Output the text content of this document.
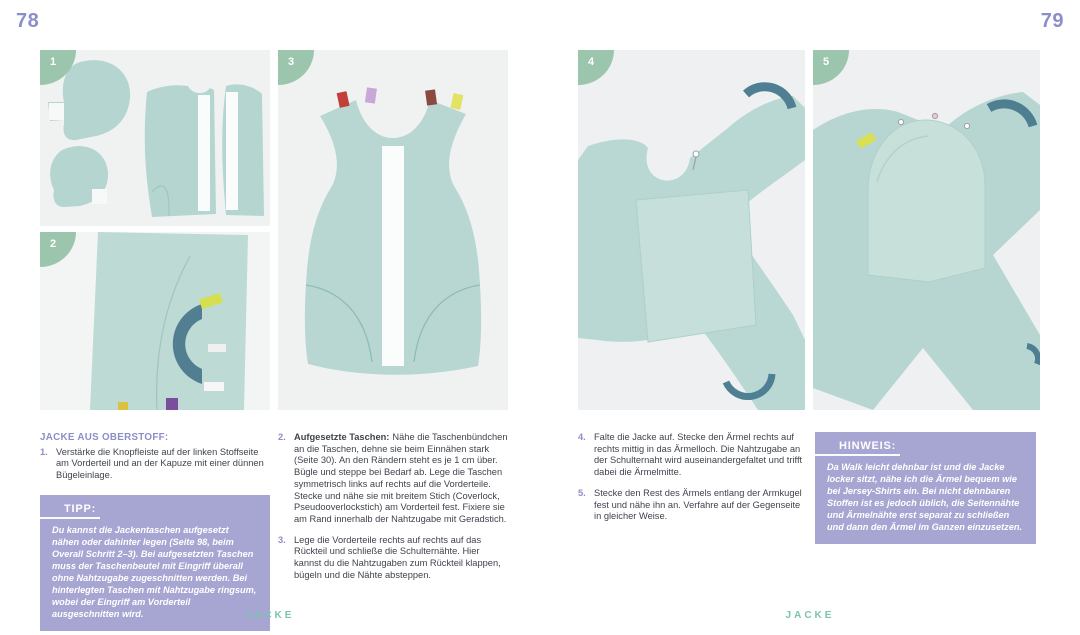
78
1
2
3
JACKE AUS OBERSTOFF:
1. Verstärke die Knopfleiste auf der linken Stoffseite am Vorderteil und an der Kapuze mit einer dünnen Bügeleinlage.
TIPP:
Du kannst die Jackentaschen aufgesetzt nähen oder dahinter legen (Seite 98, beim Overall Schritt 2–3). Bei aufgesetzten Taschen muss der Taschenbeutel mit Eingriff überall ohne Nahtzugabe zugeschnitten werden. Bei hinterlegten Taschen mit Nahtzugabe ringsum, wobei der Eingriff am Vorderteil ausgeschnitten wird.
2. Aufgesetzte Taschen: Nähe die Taschenbündchen an die Taschen, dehne sie beim Einnähen stark (Seite 30). An den Rändern steht es je 1 cm über. Bügle und steppe bei Bedarf ab. Lege die Taschen symmetrisch links auf rechts auf die Vorderteile. Stecke und nähe sie mit breitem Stich (Coverlock, Pseudooverlockstich) am Vorderteil fest. Fixiere sie am Rand innerhalb der Nahtzugabe mit Geradstich.
3. Lege die Vorderteile rechts auf rechts auf das Rückteil und schließe die Schulternähte. Hier kannst du die Nahtzugaben zum Rückteil klappen, bügeln und die Nähte absteppen.
JACKE
79
4	5
4. Falte die Jacke auf. Stecke den Ärmel rechts auf rechts mittig in das Ärmelloch. Die Nahtzugabe an der Schulternaht wird auseinandergefaltet und trifft dabei die Ärmelmitte.
5. Stecke den Rest des Ärmels entlang der Armkugel fest und nähe ihn an. Verfahre auf der Gegenseite in gleicher Weise.
HINWEIS:
Da Walk leicht dehnbar ist und die Jacke locker sitzt, nähe ich die Ärmel bequem wie bei Jersey-Shirts ein. Bei nicht dehnbaren Stoffen ist es jedoch üblich, die Seitennähte und Ärmelnähte erst separat zu schließen und dann den Ärmel im Ganzen einzusetzen.
JACKE
